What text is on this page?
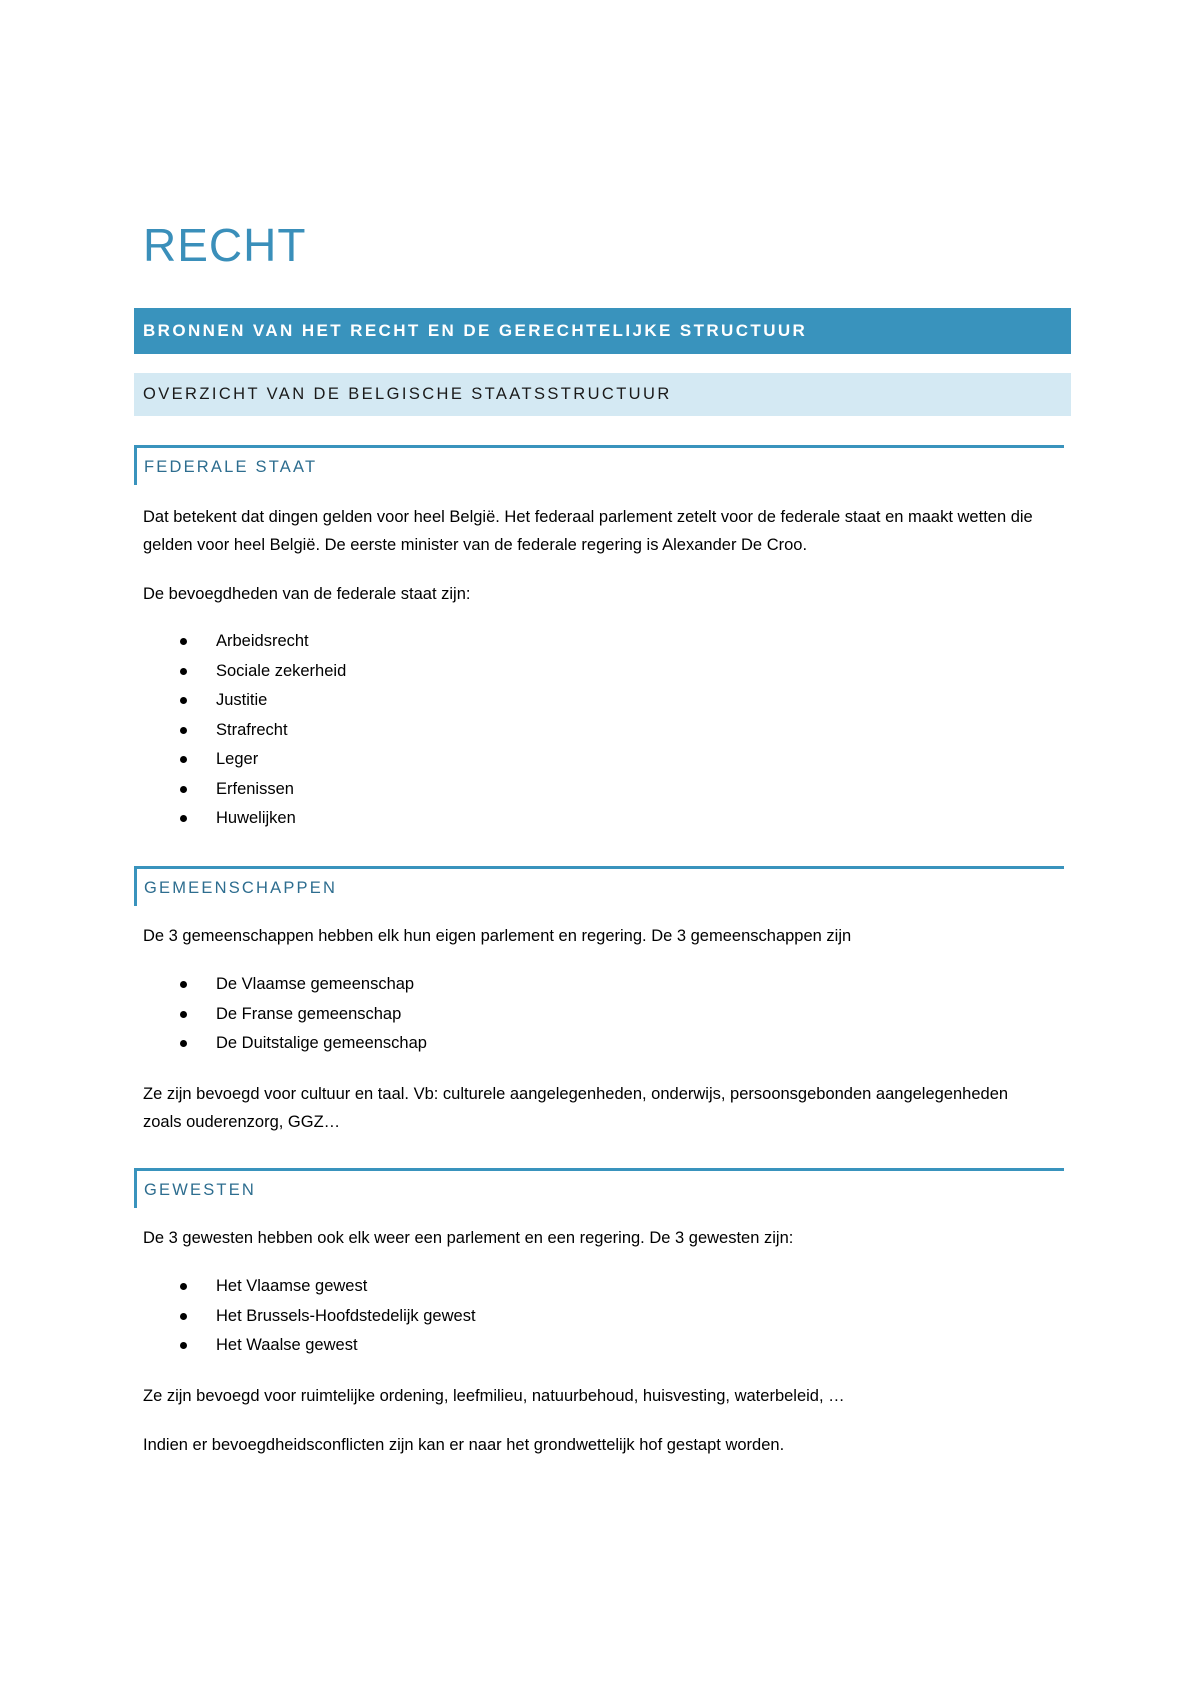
RECHT
BRONNEN VAN HET RECHT EN DE GERECHTELIJKE STRUCTUUR
OVERZICHT VAN DE BELGISCHE STAATSSTRUCTUUR
FEDERALE STAAT

Dat betekent dat dingen gelden voor heel België. Het federaal parlement zetelt voor de federale staat en maakt wetten die gelden voor heel België. De eerste minister van de federale regering is Alexander De Croo.

De bevoegdheden van de federale staat zijn:

Arbeidsrecht
Sociale zekerheid
Justitie
Strafrecht
Leger
Erfenissen
Huwelijken
GEMEENSCHAPPEN

De 3 gemeenschappen hebben elk hun eigen parlement en regering. De 3 gemeenschappen zijn

De Vlaamse gemeenschap
De Franse gemeenschap
De Duitstalige gemeenschap

Ze zijn bevoegd voor cultuur en taal. Vb: culturele aangelegenheden, onderwijs, persoonsgebonden aangelegenheden zoals ouderenzorg, GGZ…

GEWESTEN

De 3 gewesten hebben ook elk weer een parlement en een regering. De 3 gewesten zijn:

Het Vlaamse gewest
Het Brussels-Hoofdstedelijk gewest
Het Waalse gewest

Ze zijn bevoegd voor ruimtelijke ordening, leefmilieu, natuurbehoud, huisvesting, waterbeleid, …

Indien er bevoegdheidsconflicten zijn kan er naar het grondwettelijk hof gestapt worden.
